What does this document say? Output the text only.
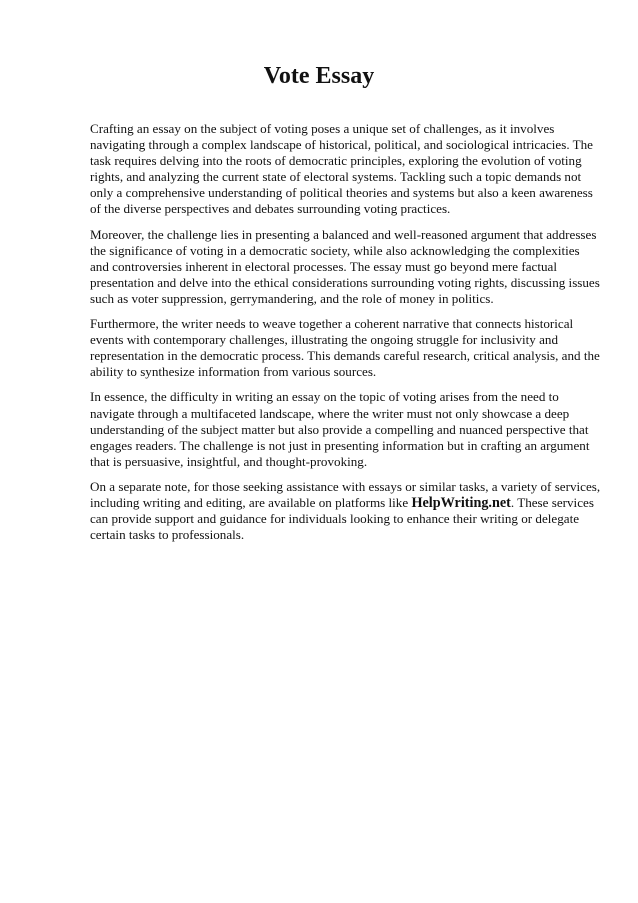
Vote Essay

Crafting an essay on the subject of voting poses a unique set of challenges, as it involves
navigating through a complex landscape of historical, political, and sociological intricacies. The
task requires delving into the roots of democratic principles, exploring the evolution of voting
rights, and analyzing the current state of electoral systems. Tackling such a topic demands not
only a comprehensive understanding of political theories and systems but also a keen awareness
of the diverse perspectives and debates surrounding voting practices.

Moreover, the challenge lies in presenting a balanced and well-reasoned argument that addresses
the significance of voting in a democratic society, while also acknowledging the complexities
and controversies inherent in electoral processes. The essay must go beyond mere factual
presentation and delve into the ethical considerations surrounding voting rights, discussing issues
such as voter suppression, gerrymandering, and the role of money in politics.

Furthermore, the writer needs to weave together a coherent narrative that connects historical
events with contemporary challenges, illustrating the ongoing struggle for inclusivity and
representation in the democratic process. This demands careful research, critical analysis, and the
ability to synthesize information from various sources.

In essence, the difficulty in writing an essay on the topic of voting arises from the need to
navigate through a multifaceted landscape, where the writer must not only showcase a deep
understanding of the subject matter but also provide a compelling and nuanced perspective that
engages readers. The challenge is not just in presenting information but in crafting an argument
that is persuasive, insightful, and thought-provoking.

On a separate note, for those seeking assistance with essays or similar tasks, a variety of services,
including writing and editing, are available on platforms like HelpWriting.net. These services
can provide support and guidance for individuals looking to enhance their writing or delegate
certain tasks to professionals.
